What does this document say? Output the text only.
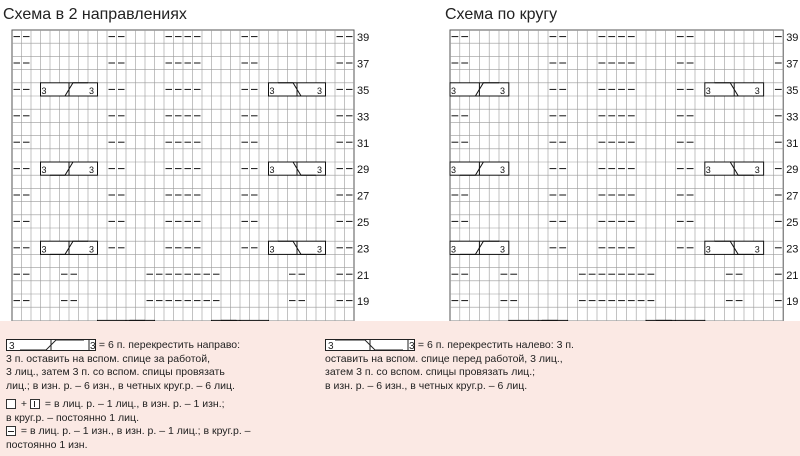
Схема в 2 направлениях	Схема по кругу
3	3	3	3
3	3	3	3
3	3	3	3
39
37
35
33
31
29
27
25
23
21
19
3	3	3	3
3	3	3	3
3	3	3	3
39
37
35
33
31
29
27
25
23
21
19
3	3 = 6 п. перекрестить направо:
3 п. оставить на вспом. спице за работой,
3 лиц., затем 3 п. со вспом. спицы провязать
лиц.; в изн. р. – 6 изн., в четных круг.р. – 6 лиц.
3	3 = 6 п. перекрестить налево: 3 п.
оставить на вспом. спице перед работой, 3 лиц.,
затем 3 п. со вспом. спицы провязать лиц.;
в изн. р. – 6 изн., в четных круг.р. – 6 лиц.
+ = в лиц. р. – 1 лиц., в изн. р. – 1 изн.;
в круг.р. – постоянно 1 лиц.
= в лиц. р. – 1 изн., в изн. р. – 1 лиц.; в круг.р. –
постоянно 1 изн.
